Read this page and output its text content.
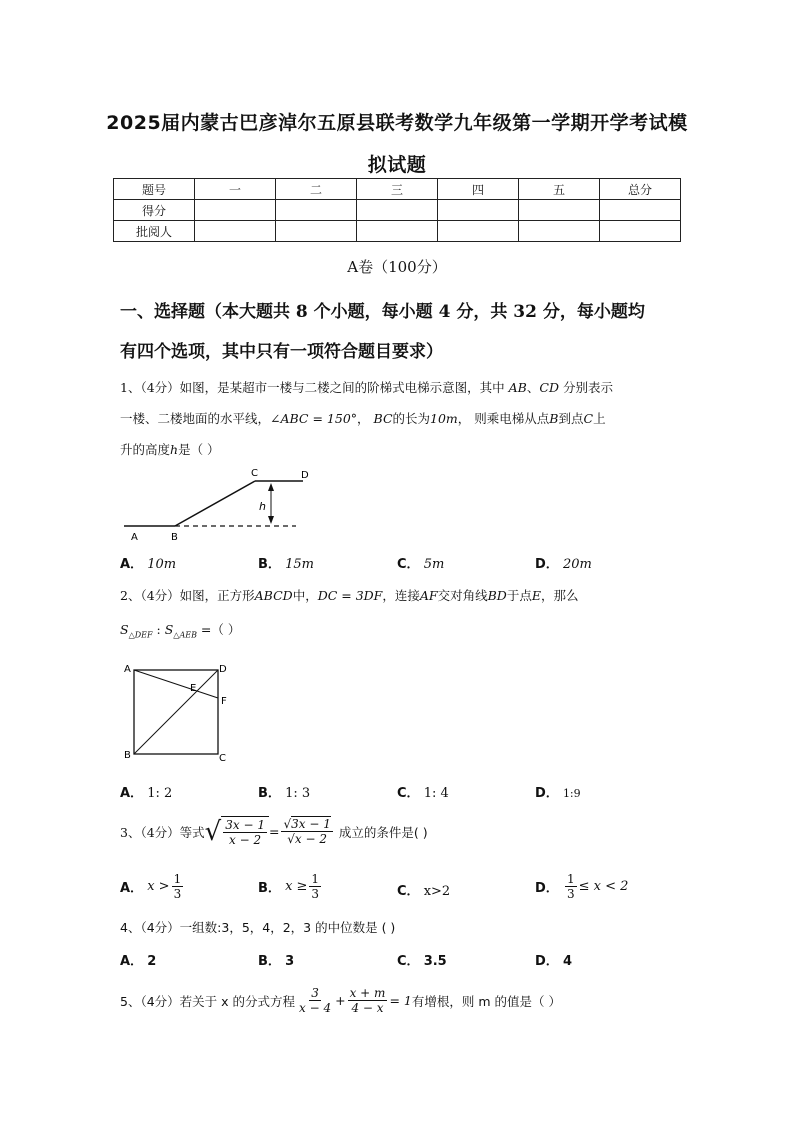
2025届内蒙古巴彦淖尔五原县联考数学九年级第一学期开学考试模
拟试题
题号	一	二	三	四	五	总分
得分						
批阅人						
A卷（100分）
一、选择题（本大题共 8 个小题，每小题 4 分，共 32 分，每小题均
有四个选项，其中只有一项符合题目要求）
1、（4分）如图，是某超市一楼与二楼之间的阶梯式电梯示意图，其中 AB、CD 分别表示
一楼、二楼地面的水平线，∠ABC = 150°， BC的长为10m， 则乘电梯从点B到点C上
升的高度h是（ ）
A	B
C	D
h
A． 10m	B． 15m	C． 5m	D． 20m
2、（4分）如图，正方形ABCD中，DC = 3DF，连接AF交对角线BD于点E，那么
$S_{\triangle DEF}$ : $S_{\triangle AEB}$ =（ ）
A	D
B	C
E
F
A． 1: 2	B． 1: 3	C． 1: 4	D． 1:9
3、（4分）等式 √ $\frac{3x - 1}{x - 2} = \frac{√3x - 1}{√x - 2}$ 成立的条件是( )
A．
$x > \frac{1}{3}$	B．
$x \ge \frac{1}{3}$	C． x>2	D．
$\frac{1}{3} \le x < 2$
4、（4分）一组数:3，5，4，2，3 的中位数是 ( )
A． 2	B． 3	C． 3.5	D． 4
5、（4分）若关于 x 的分式方程 $\frac{3}{x - 4} + \frac{x + m}{4 - x} = 1$ 有增根，则 m 的值是（ ）
